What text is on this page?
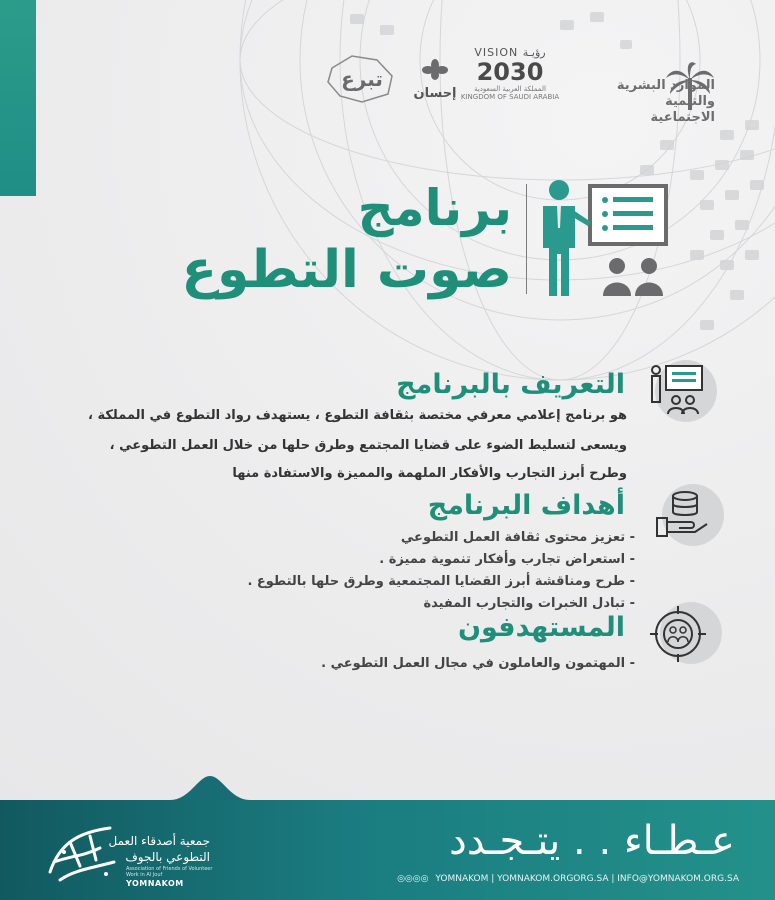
الموارد البشرية
والتنمية الاجتماعية
VISION رؤيـة
2030
المملكة العربية السعودية
KINGDOM OF SAUDI ARABIA
إحسان
تبرع
برنامج
صوت التطوع
التعريف بالبرنامج
هو برنامج إعلامي معرفي مختصة بثقافة التطوع ، يستهدف رواد التطوع في المملكة ،
ويسعى لتسليط الضوء على قضايا المجتمع وطرق حلها من خلال العمل التطوعي ،
وطرح أبرز التجارب والأفكار الملهمة والمميزة والاستفادة منها
أهداف البرنامج
- تعزيز محتوى ثقافة العمل التطوعي
- استعراض تجارب وأفكار تنموية مميزة .
- طرح ومناقشة أبرز القضايا المجتمعية وطرق حلها بالتطوع .
- تبادل الخبرات والتجارب المفيدة
المستهدفون
- المهتمون والعاملون في مجال العمل التطوعي .
جمعية أصدقاء العمل
التطوعي بالجوف
Association of Friends of Volunteer Work in Al Jouf
YOMNAKOM
عـطـاء . . يتـجـدد
◎◎◎◎ YOMNAKOM | YOMNAKOM.ORGORG.SA | INFO@YOMNAKOM.ORG.SA
